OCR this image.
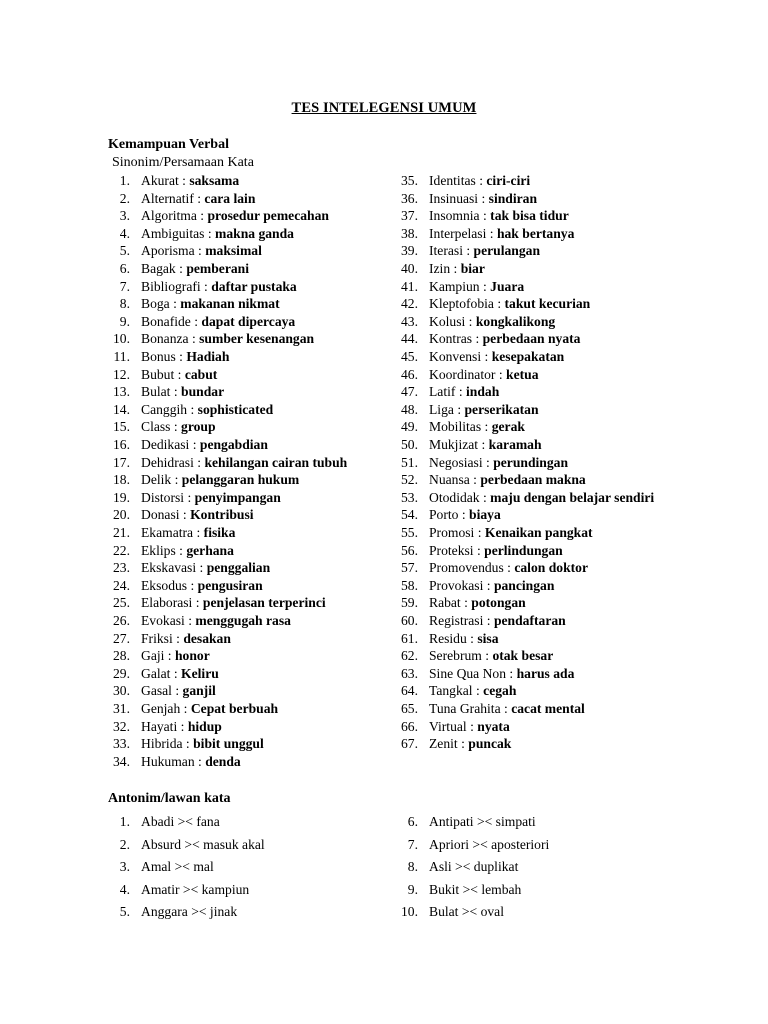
TES INTELEGENSI UMUM
Kemampuan Verbal
Sinonim/Persamaan Kata
1. Akurat : saksama
2. Alternatif : cara lain
3. Algoritma : prosedur pemecahan
4. Ambiguitas : makna ganda
5. Aporisma : maksimal
6. Bagak : pemberani
7. Bibliografi : daftar pustaka
8. Boga : makanan nikmat
9. Bonafide : dapat dipercaya
10. Bonanza : sumber kesenangan
11. Bonus : Hadiah
12. Bubut : cabut
13. Bulat : bundar
14. Canggih : sophisticated
15. Class : group
16. Dedikasi : pengabdian
17. Dehidrasi : kehilangan cairan tubuh
18. Delik : pelanggaran hukum
19. Distorsi : penyimpangan
20. Donasi : Kontribusi
21. Ekamatra : fisika
22. Eklips : gerhana
23. Ekskavasi : penggalian
24. Eksodus : pengusiran
25. Elaborasi : penjelasan terperinci
26. Evokasi : menggugah rasa
27. Friksi : desakan
28. Gaji : honor
29. Galat : Keliru
30. Gasal : ganjil
31. Genjah : Cepat berbuah
32. Hayati : hidup
33. Hibrida : bibit unggul
34. Hukuman : denda
35. Identitas : ciri-ciri
36. Insinuasi : sindiran
37. Insomnia : tak bisa tidur
38. Interpelasi : hak bertanya
39. Iterasi : perulangan
40. Izin : biar
41. Kampiun : Juara
42. Kleptofobia : takut kecurian
43. Kolusi : kongkalikong
44. Kontras : perbedaan nyata
45. Konvensi : kesepakatan
46. Koordinator : ketua
47. Latif : indah
48. Liga : perserikatan
49. Mobilitas : gerak
50. Mukjizat : karamah
51. Negosiasi : perundingan
52. Nuansa : perbedaan makna
53. Otodidak : maju dengan belajar sendiri
54. Porto : biaya
55. Promosi : Kenaikan pangkat
56. Proteksi : perlindungan
57. Promovendus : calon doktor
58. Provokasi : pancingan
59. Rabat : potongan
60. Registrasi : pendaftaran
61. Residu : sisa
62. Serebrum : otak besar
63. Sine Qua Non : harus ada
64. Tangkal : cegah
65. Tuna Grahita : cacat mental
66. Virtual : nyata
67. Zenit : puncak
Antonim/lawan kata
1. Abadi >< fana
2. Absurd >< masuk akal
3. Amal >< mal
4. Amatir >< kampiun
5. Anggara >< jinak
6. Antipati >< simpati
7. Apriori >< aposteriori
8. Asli >< duplikat
9. Bukit >< lembah
10. Bulat >< oval
